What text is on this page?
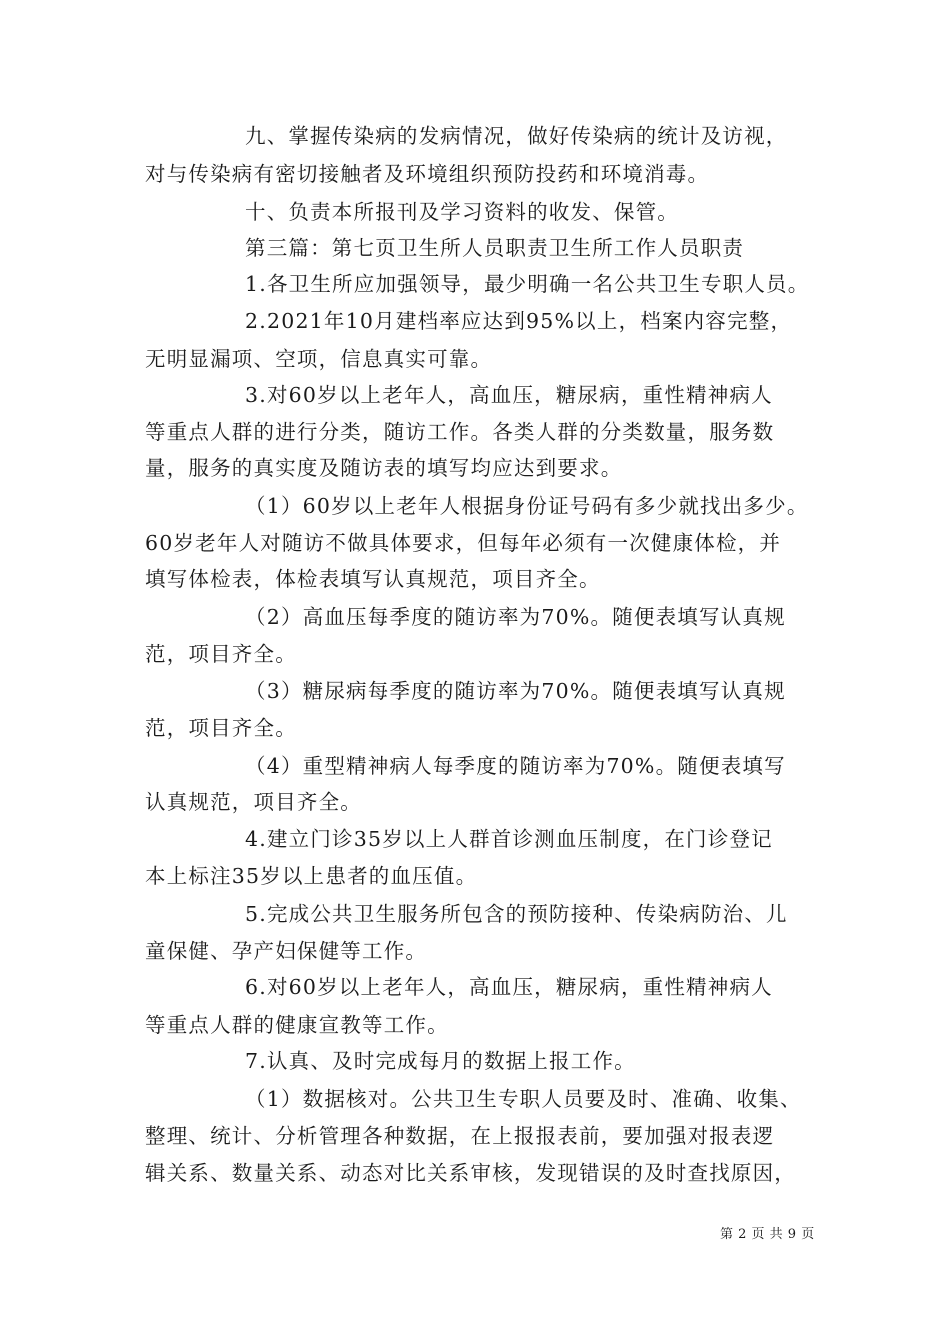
九、掌握传染病的发病情况，做好传染病的统计及访视，
对与传染病有密切接触者及环境组织预防投药和环境消毒。
十、负责本所报刊及学习资料的收发、保管。
第三篇：第七页卫生所人员职责卫生所工作人员职责
1.各卫生所应加强领导，最少明确一名公共卫生专职人员。
2.2021年10月建档率应达到95%以上，档案内容完整，
无明显漏项、空项，信息真实可靠。
3.对60岁以上老年人，高血压，糖尿病，重性精神病人
等重点人群的进行分类，随访工作。各类人群的分类数量，服务数
量，服务的真实度及随访表的填写均应达到要求。
（1）60岁以上老年人根据身份证号码有多少就找出多少。
60岁老年人对随访不做具体要求，但每年必须有一次健康体检，并
填写体检表，体检表填写认真规范，项目齐全。
（2）高血压每季度的随访率为70%。随便表填写认真规
范，项目齐全。
（3）糖尿病每季度的随访率为70%。随便表填写认真规
范，项目齐全。
（4）重型精神病人每季度的随访率为70%。随便表填写
认真规范，项目齐全。
4.建立门诊35岁以上人群首诊测血压制度，在门诊登记
本上标注35岁以上患者的血压值。
5.完成公共卫生服务所包含的预防接种、传染病防治、儿
童保健、孕产妇保健等工作。
6.对60岁以上老年人，高血压，糖尿病，重性精神病人
等重点人群的健康宣教等工作。
7.认真、及时完成每月的数据上报工作。
（1）数据核对。公共卫生专职人员要及时、准确、收集、
整理、统计、分析管理各种数据，在上报报表前，要加强对报表逻
辑关系、数量关系、动态对比关系审核，发现错误的及时查找原因，
第 2 页 共 9 页
